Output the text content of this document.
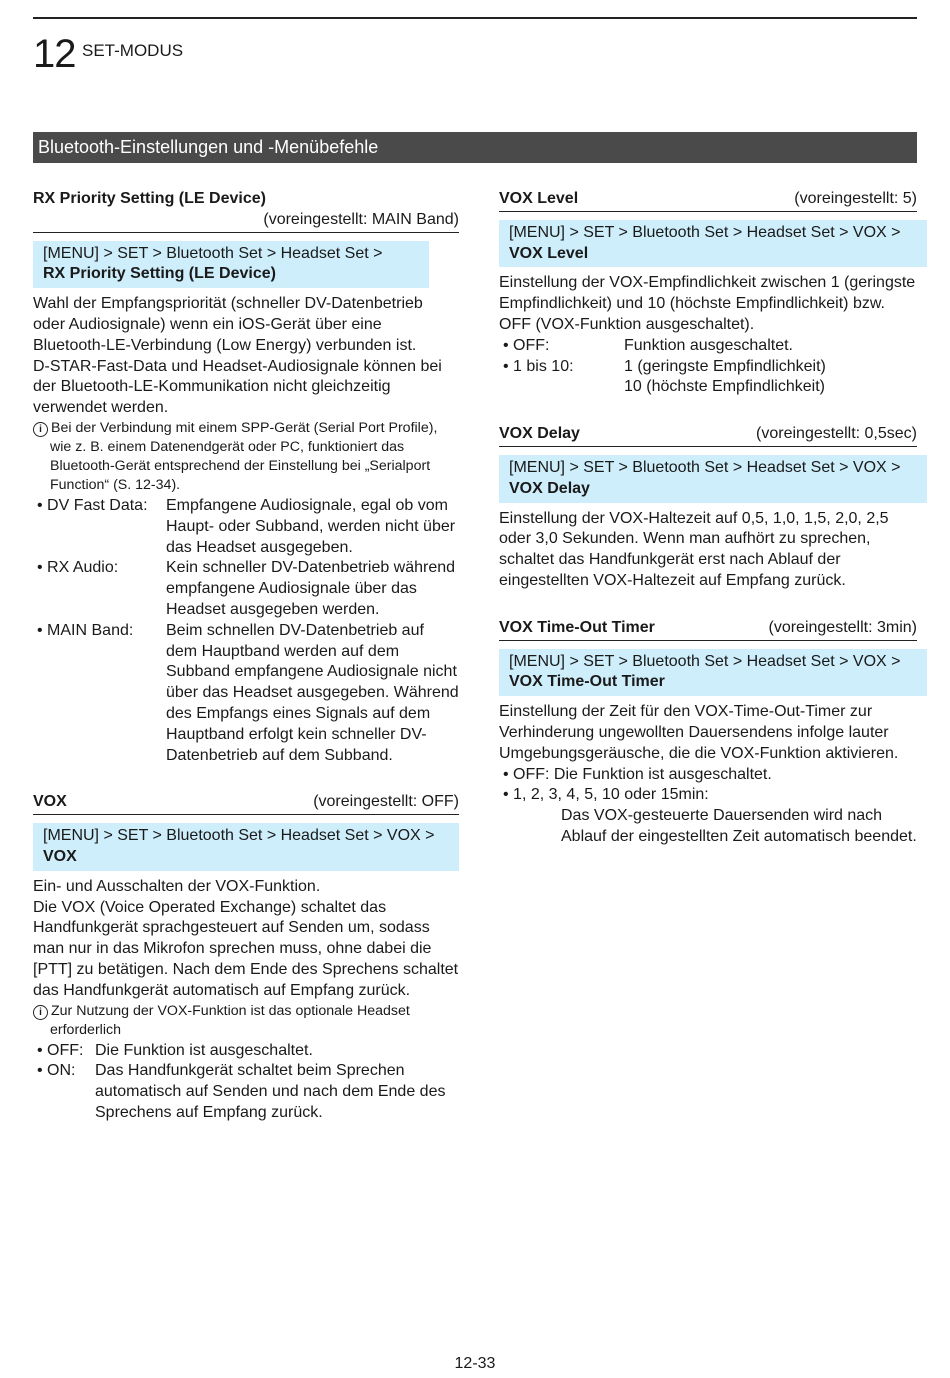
12 SET-MODUS
Bluetooth-Einstellungen und -Menübefehle
RX Priority Setting (LE Device)
(voreingestellt: MAIN Band)
[MENU] > SET > Bluetooth Set > Headset Set >
RX Priority Setting (LE Device)

Wahl der Empfangspriorität (schneller DV-Datenbetrieb oder Audiosignale) wenn ein iOS-Gerät über eine Bluetooth-LE-Verbindung (Low Energy) verbunden ist.

D-STAR-Fast-Data und Headset-Audiosignale können bei der Bluetooth-LE-Kommunikation nicht gleichzeitig verwendet werden.

i Bei der Verbindung mit einem SPP-Gerät (Serial Port Profile), wie z. B. einem Datenendgerät oder PC, funktioniert das Bluetooth-Gerät entsprechend der Einstellung bei „Serialport Function“ (S. 12-34).

• DV Fast Data:	Empfangene Audiosignale, egal ob vom Haupt- oder Subband, werden nicht über das Headset ausgegeben.
• RX Audio:	Kein schneller DV-Datenbetrieb während empfangene Audiosignale über das Headset ausgegeben werden.
• MAIN Band:	Beim schnellen DV-Datenbetrieb auf dem Hauptband werden auf dem Subband empfangene Audiosignale nicht über das Headset ausgegeben. Während des Empfangs eines Signals auf dem Hauptband erfolgt kein schneller DV-Datenbetrieb auf dem Subband.
VOX	(voreingestellt: OFF)
[MENU] > SET > Bluetooth Set > Headset Set > VOX > VOX

Ein- und Ausschalten der VOX-Funktion.

Die VOX (Voice Operated Exchange) schaltet das Handfunkgerät sprachgesteuert auf Senden um, sodass man nur in das Mikrofon sprechen muss, ohne dabei die [PTT] zu betätigen. Nach dem Ende des Sprechens schaltet das Handfunkgerät automatisch auf Empfang zurück.

i Zur Nutzung der VOX-Funktion ist das optionale Headset erforderlich

• OFF: Die Funktion ist ausgeschaltet.
• ON:	Das Handfunkgerät schaltet beim Sprechen automatisch auf Senden und nach dem Ende des Sprechens auf Empfang zurück.
VOX Level	(voreingestellt: 5)
[MENU] > SET > Bluetooth Set > Headset Set > VOX > VOX Level

Einstellung der VOX-Empfindlichkeit zwischen 1 (geringste Empfindlichkeit) und 10 (höchste Empfindlichkeit) bzw. OFF (VOX-Funktion ausgeschaltet).

• OFF:	Funktion ausgeschaltet.
• 1 bis 10:	1 (geringste Empfindlichkeit)
10 (höchste Empfindlichkeit)
VOX Delay	(voreingestellt: 0,5sec)
[MENU] > SET > Bluetooth Set > Headset Set > VOX > VOX Delay

Einstellung der VOX-Haltezeit auf 0,5, 1,0, 1,5, 2,0, 2,5 oder 3,0 Sekunden. Wenn man aufhört zu sprechen, schaltet das Handfunkgerät erst nach Ablauf der eingestellten VOX-Haltezeit auf Empfang zurück.

VOX Time-Out Timer	(voreingestellt: 3min)
[MENU] > SET > Bluetooth Set > Headset Set > VOX > VOX Time-Out Timer

Einstellung der Zeit für den VOX-Time-Out-Timer zur Verhinderung ungewollten Dauersendens infolge lauter Umgebungsgeräusche, die die VOX-Funktion aktivieren.

• OFF: Die Funktion ist ausgeschaltet.
• 1, 2, 3, 4, 5, 10 oder 15min:
Das VOX-gesteuerte Dauersenden wird nach Ablauf der eingestellten Zeit automatisch beendet.
12-33
